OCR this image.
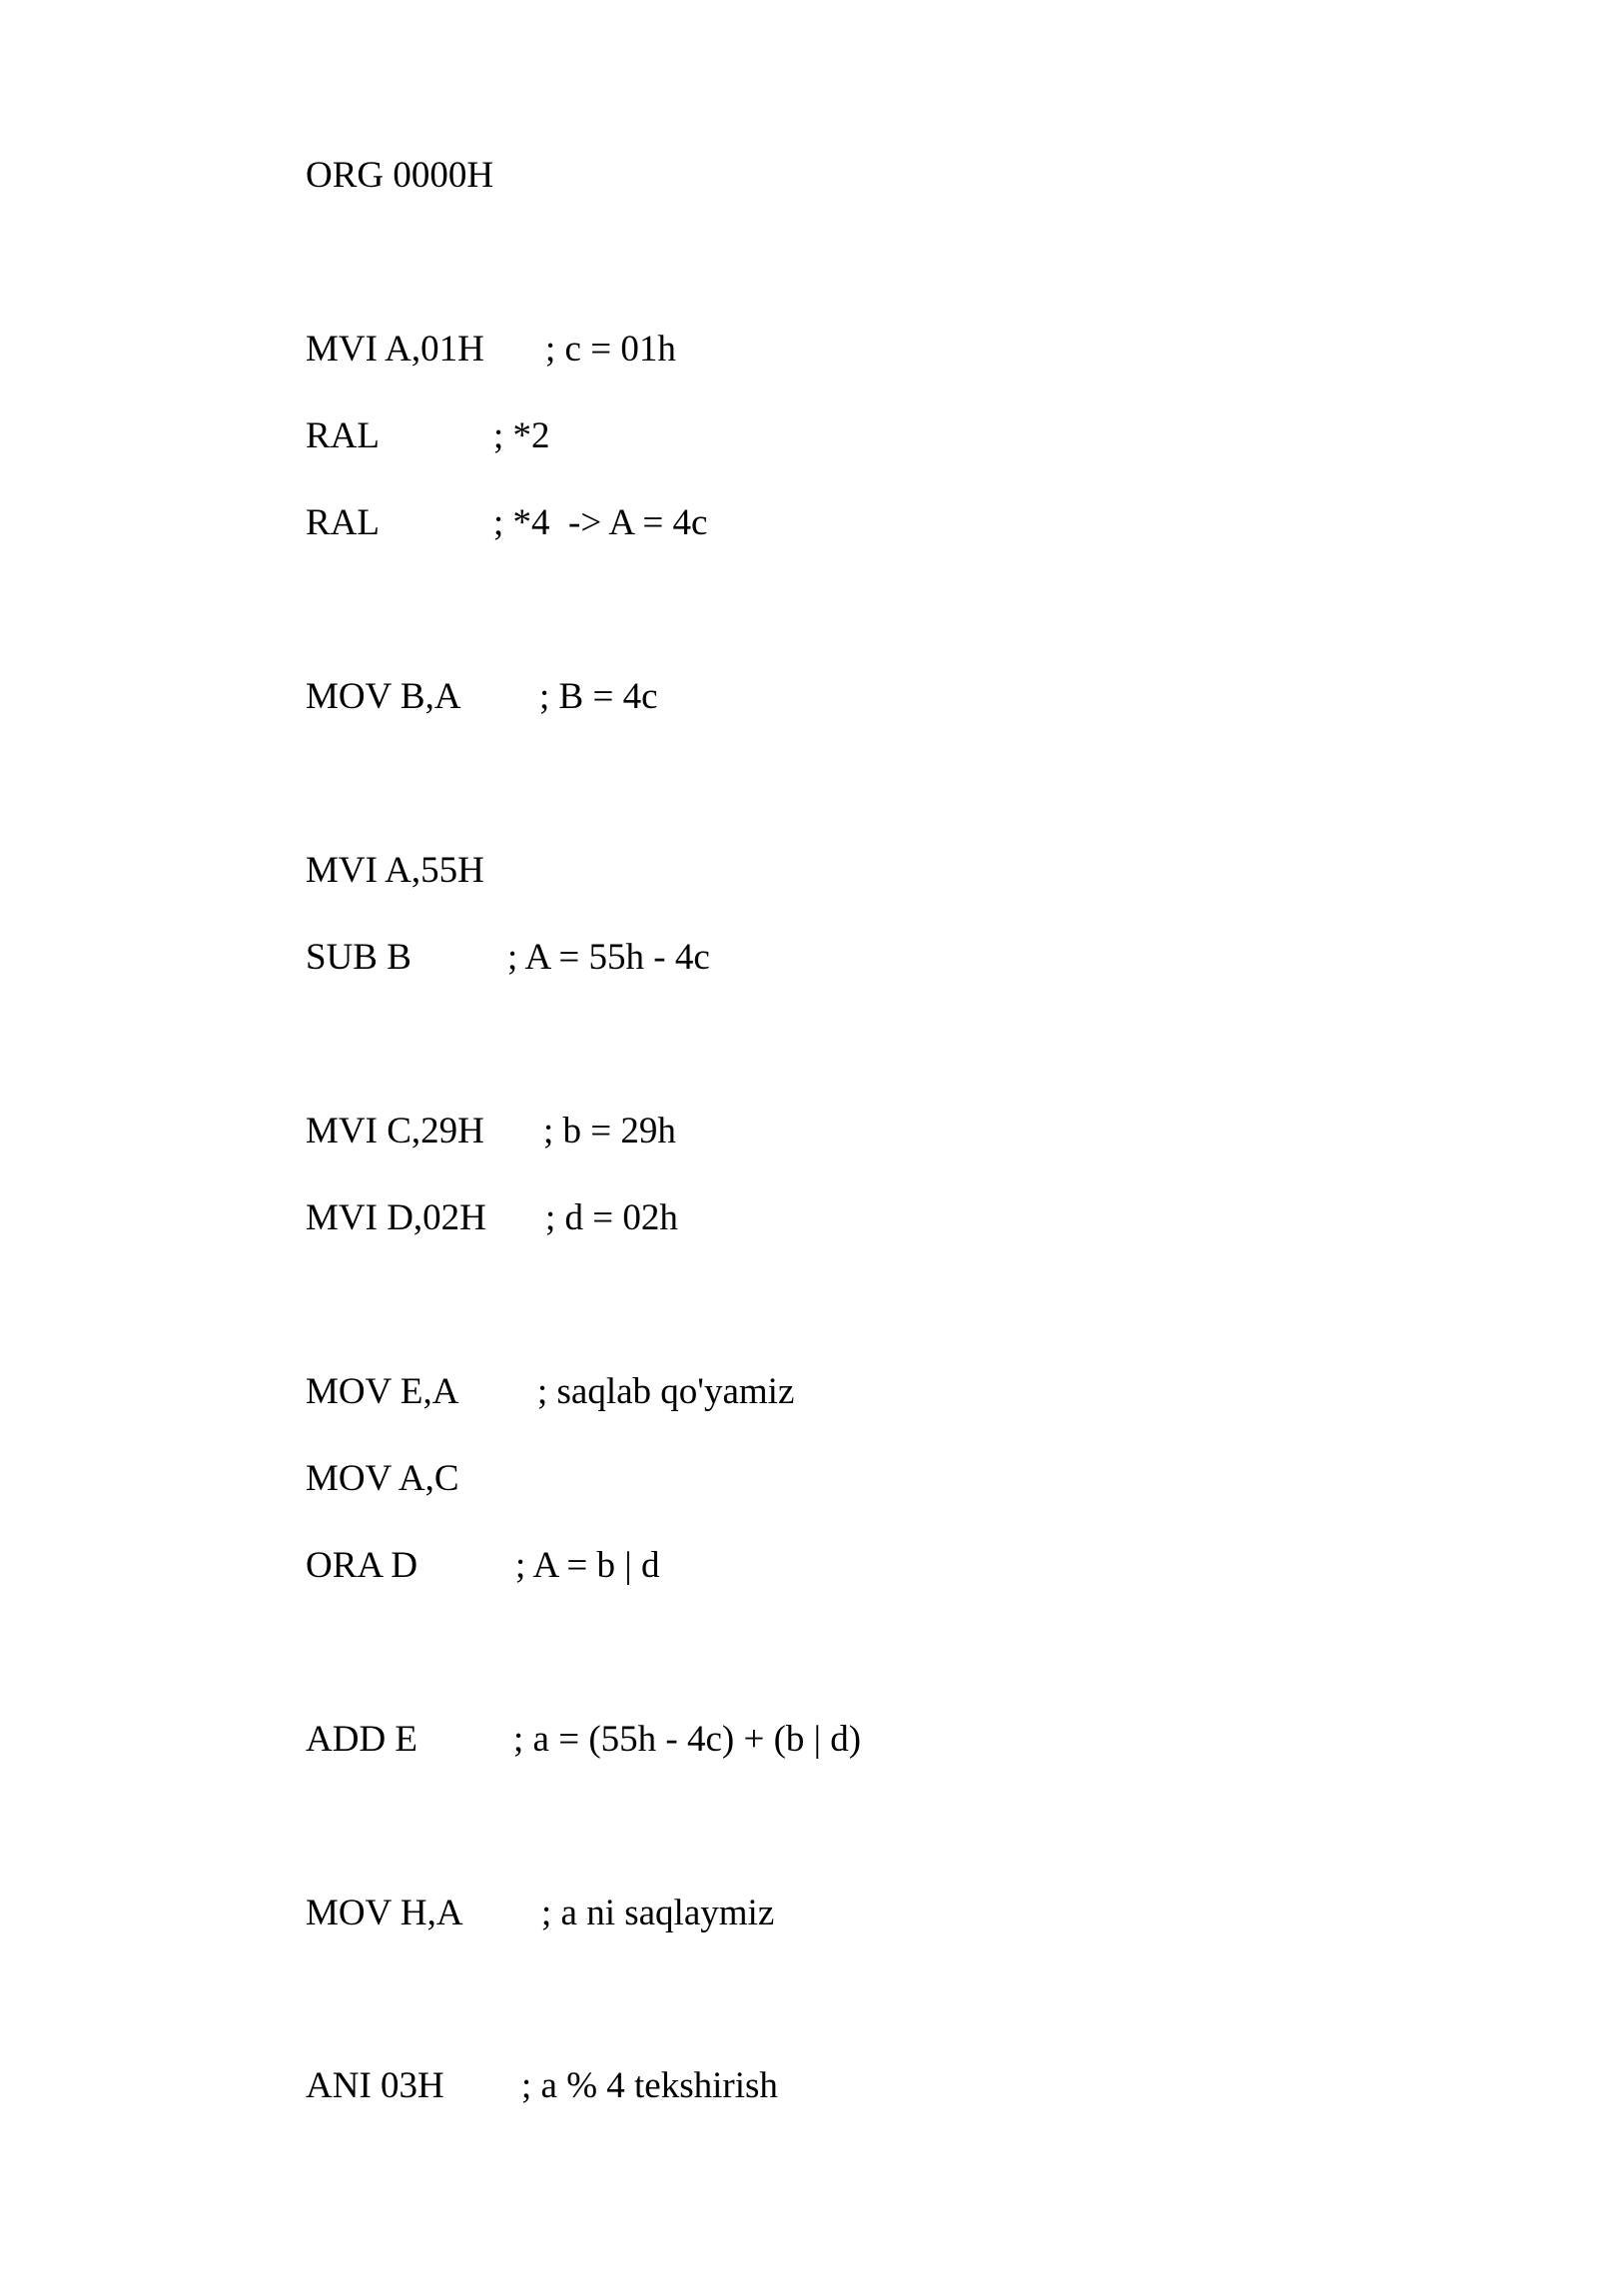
ORG 0000H

MVI A,01H

; c = 01h

RAL

	; *2

RAL

	; *4  -> A = 4c

MOV B,A

; B = 4c

MVI A,55H

SUB B

	; A = 55h - 4c

MVI C,29H

; b = 29h

MVI D,02H

; d = 02h

MOV E,A

; saqlab qo'yamiz

MOV A,C

ORA D

	; A = b | d

ADD E

	; a = (55h - 4c) + (b | d)

MOV H,A

; a ni saqlaymiz

ANI 03H

; a % 4 tekshirish
